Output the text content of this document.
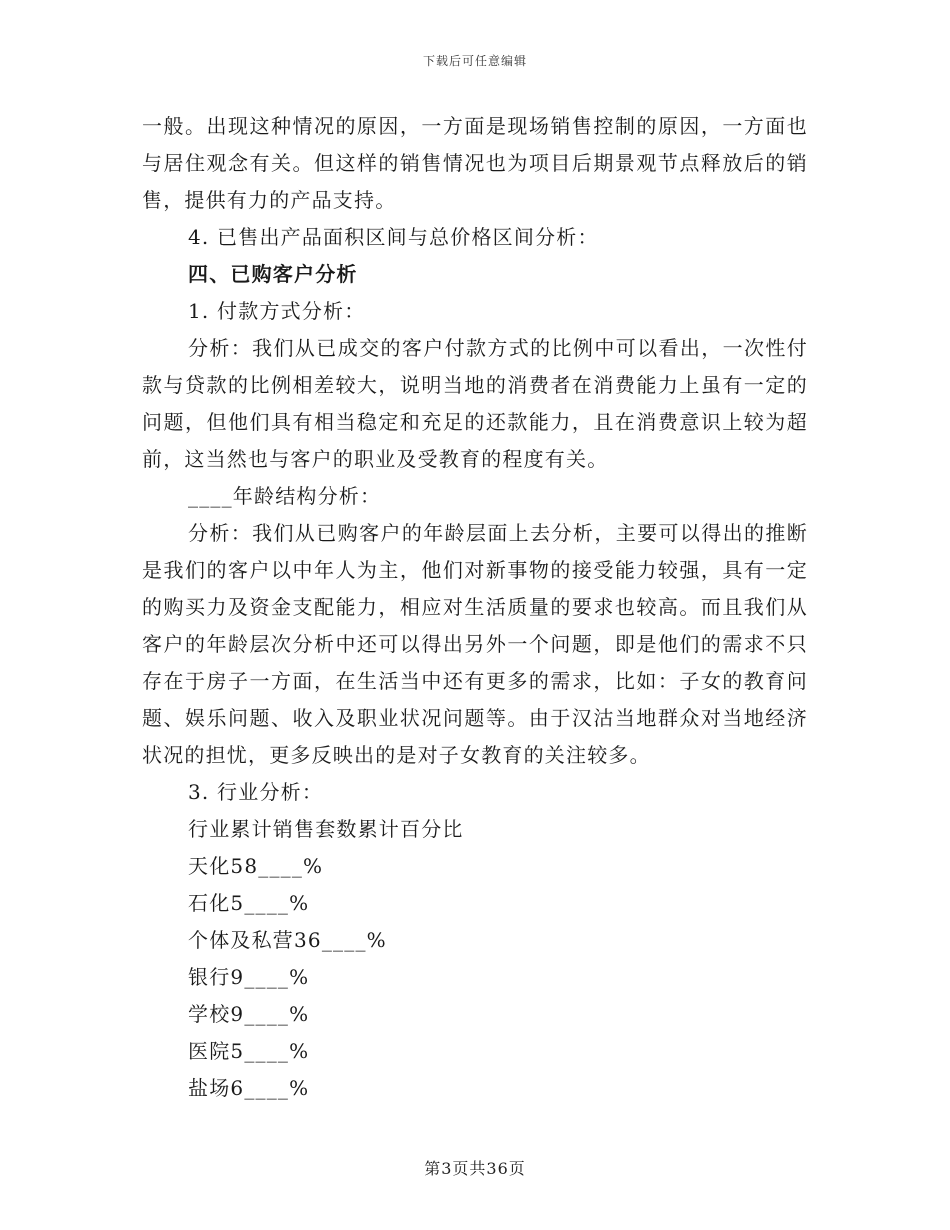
下载后可任意编辑

一般。出现这种情况的原因，一方面是现场销售控制的原因，一方面也与居住观念有关。但这样的销售情况也为项目后期景观节点释放后的销售，提供有力的产品支持。

4. 已售出产品面积区间与总价格区间分析：

四、已购客户分析

1. 付款方式分析：

分析：我们从已成交的客户付款方式的比例中可以看出，一次性付款与贷款的比例相差较大，说明当地的消费者在消费能力上虽有一定的问题，但他们具有相当稳定和充足的还款能力，且在消费意识上较为超前，这当然也与客户的职业及受教育的程度有关。

____年龄结构分析：

分析：我们从已购客户的年龄层面上去分析，主要可以得出的推断是我们的客户以中年人为主，他们对新事物的接受能力较强，具有一定的购买力及资金支配能力，相应对生活质量的要求也较高。而且我们从客户的年龄层次分析中还可以得出另外一个问题，即是他们的需求不只存在于房子一方面，在生活当中还有更多的需求，比如：子女的教育问题、娱乐问题、收入及职业状况问题等。由于汉沽当地群众对当地经济状况的担忧，更多反映出的是对子女教育的关注较多。

3. 行业分析：

行业累计销售套数累计百分比

天化58____%

石化5____%

个体及私营36____%

银行9____%

学校9____%

医院5____%

盐场6____%

第3页共36页
